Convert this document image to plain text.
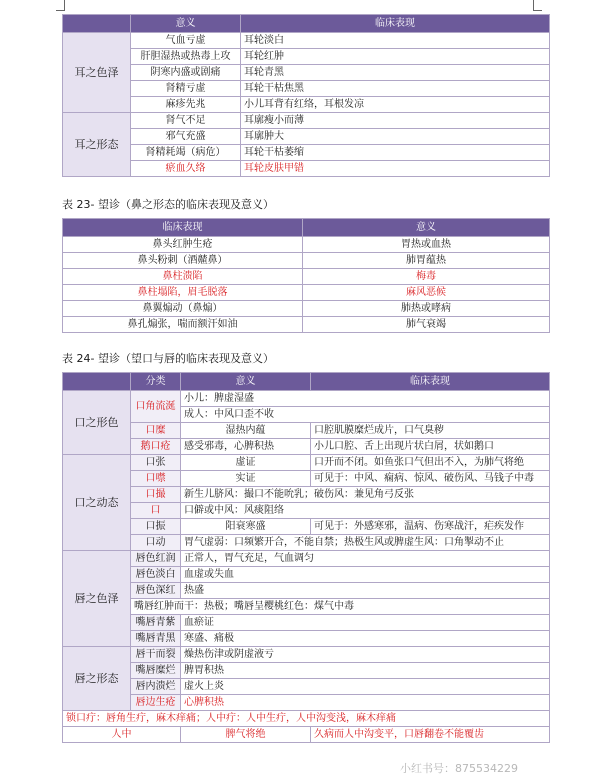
	意义	临床表现
耳之色泽	气血亏虚	耳轮淡白
	肝胆湿热或热毒上攻	耳轮红肿
	阴寒内盛或剧痛	耳轮青黑
	肾精亏虚	耳轮干枯焦黑
	麻疹先兆	小儿耳背有红络，耳根发凉
耳之形态	肾气不足	耳廓瘦小而薄
	邪气充盛	耳廓肿大
	肾精耗竭（病危）	耳轮干枯萎缩
	瘀血久络	耳轮皮肤甲错
表 23- 望诊（鼻之形态的临床表现及意义）
临床表现	意义
鼻头红肿生疮	胃热或血热
鼻头粉刺（酒齄鼻）	肺胃蕴热
鼻柱溃陷	梅毒
鼻柱塌陷，眉毛脱落	麻风恶候
鼻翼煽动（鼻煽）	肺热或哮病
鼻孔煽张，喘而额汗如油	肺气衰竭
表 24- 望诊（望口与唇的临床表现及意义）
	分类	意义	临床表现
口之形色	口角流涎	小儿：脾虚湿盛	
		成人：中风口歪不收	
	口糜	湿热内蕴	口腔肌膜糜烂成片，口气臭秽
	鹅口疮	感受邪毒，心脾积热	小儿口腔、舌上出现片状白屑，状如鹅口
口之动态	口张	虚证	口开而不闭。如鱼张口气但出不入，为肺气将绝
	口噤	实证	可见于：中风、痫病、惊风、破伤风、马钱子中毒
	口撮	新生儿脐风：撮口不能吮乳；破伤风：兼见角弓反张	
	口	口僻或中风：风痰阻络	
	口振	阳衰寒盛	可见于：外感寒邪，温病、伤寒战汗，疟疾发作
	口动	胃气虚弱：口频繁开合，不能自禁；热极生风或脾虚生风：口角掣动不止	
唇之色泽	唇色红润	正常人，胃气充足，气血调匀	
	唇色淡白	血虚或失血	
	唇色深红	热盛	
	嘴唇红肿而干：热极；嘴唇呈樱桃红色：煤气中毒		
	嘴唇青紫	血瘀证	
	嘴唇青黑	寒盛、痛极	
唇之形态	唇干而裂	燥热伤津或阴虚液亏	
	嘴唇糜烂	脾胃积热	
	唇内溃烂	虚火上炎	
	唇边生疮	心脾积热	
锁口疔：唇角生疔，麻木痒痛；人中疔：人中生疔，人中沟变浅，麻木痒痛			
人中		脾气将绝	久病而人中沟变平，口唇翻卷不能覆齿
小红书号：875534229
